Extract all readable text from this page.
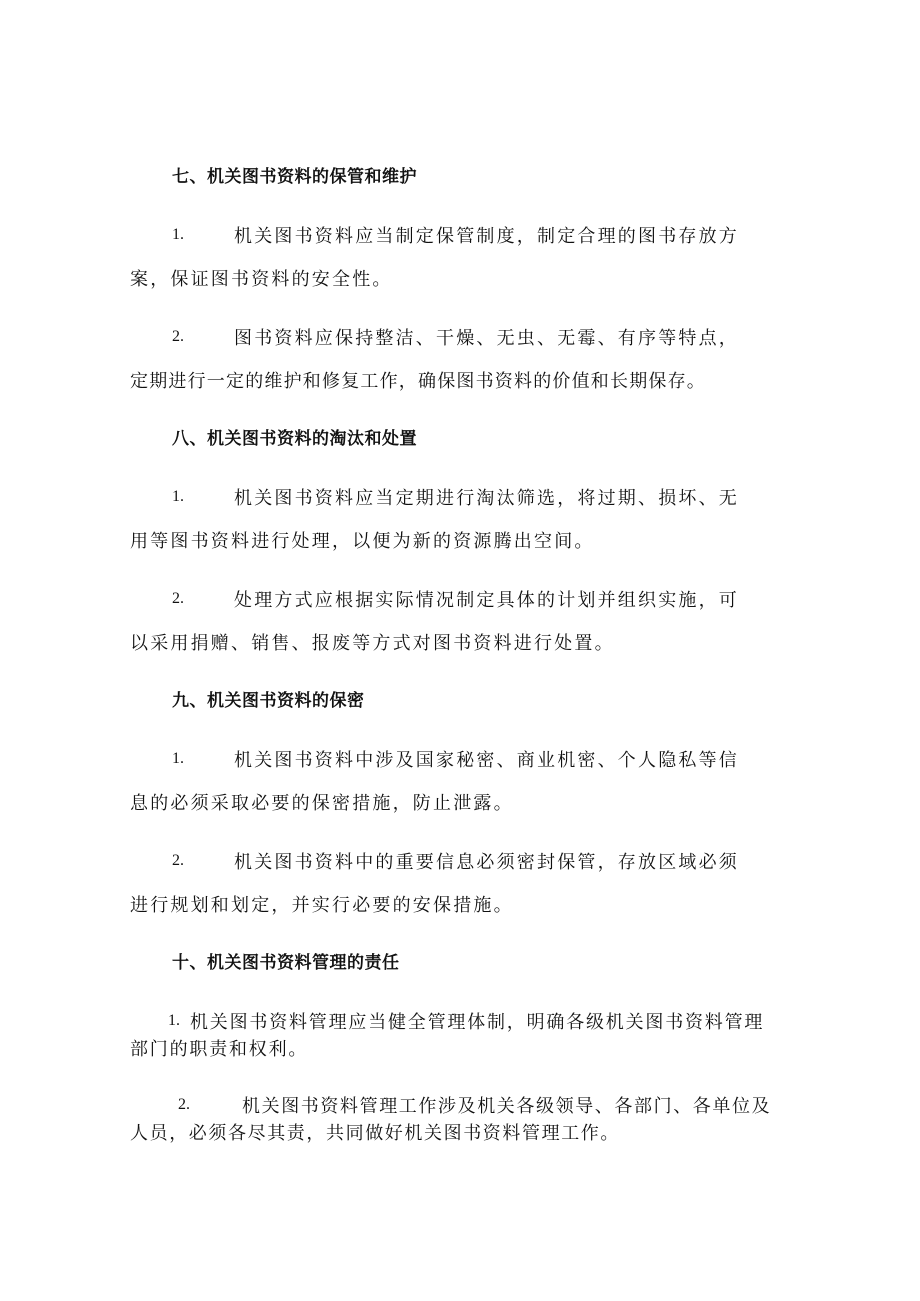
七、机关图书资料的保管和维护
1.	机关图书资料应当制定保管制度，制定合理的图书存放方
案，保证图书资料的安全性。
2.	图书资料应保持整洁、干燥、无虫、无霉、有序等特点，
定期进行一定的维护和修复工作，确保图书资料的价值和长期保存。
八、机关图书资料的淘汰和处置
1.	机关图书资料应当定期进行淘汰筛选，将过期、损坏、无
用等图书资料进行处理，以便为新的资源腾出空间。
2.	处理方式应根据实际情况制定具体的计划并组织实施，可
以采用捐赠、销售、报废等方式对图书资料进行处置。
九、机关图书资料的保密
1.	机关图书资料中涉及国家秘密、商业机密、个人隐私等信
息的必须采取必要的保密措施，防止泄露。
2.	机关图书资料中的重要信息必须密封保管，存放区域必须
进行规划和划定，并实行必要的安保措施。
十、机关图书资料管理的责任
1. 机关图书资料管理应当健全管理体制，明确各级机关图书资料管理
部门的职责和权利。
2.	机关图书资料管理工作涉及机关各级领导、各部门、各单位及
人员，必须各尽其责，共同做好机关图书资料管理工作。
